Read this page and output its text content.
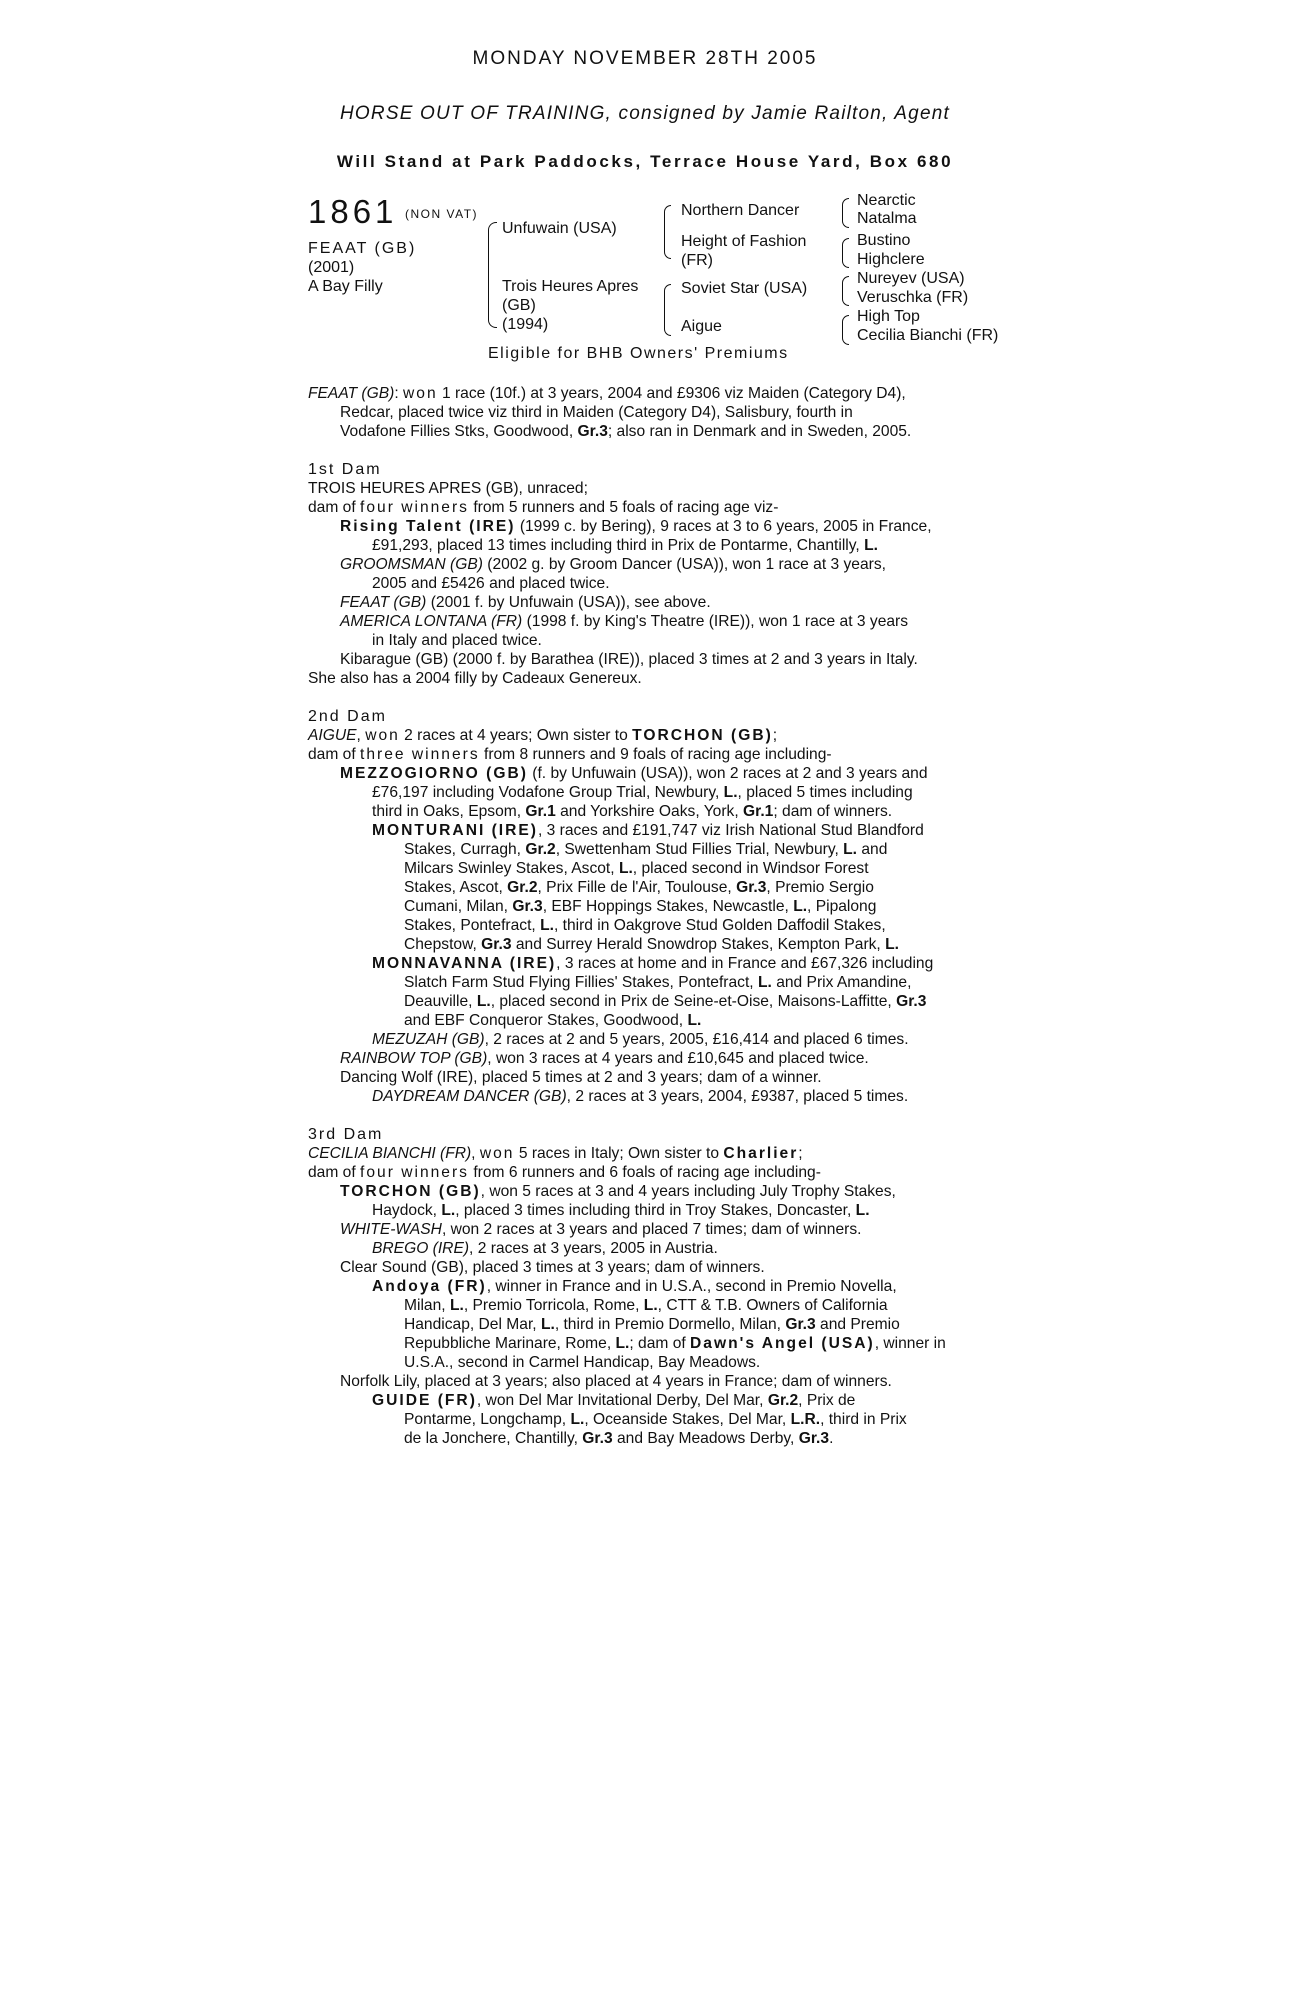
MONDAY NOVEMBER 28TH 2005
HORSE OUT OF TRAINING, consigned by Jamie Railton, Agent
Will Stand at Park Paddocks, Terrace House Yard, Box 680
1861 (NON VAT)
FEAAT (GB)
(2001)
A Bay Filly
Unfuwain (USA)
Trois Heures Apres
(GB)
(1994)
Northern Dancer
Height of Fashion
(FR)
Soviet Star (USA)
Aigue
Nearctic
Natalma
Bustino
Highclere
Nureyev (USA)
Veruschka (FR)
High Top
Cecilia Bianchi (FR)
Eligible for BHB Owners' Premiums
FEAAT (GB): won 1 race (10f.) at 3 years, 2004 and £9306 viz Maiden (Category D4),
Redcar, placed twice viz third in Maiden (Category D4), Salisbury, fourth in
Vodafone Fillies Stks, Goodwood, Gr.3; also ran in Denmark and in Sweden, 2005.
1st Dam
TROIS HEURES APRES (GB), unraced;
dam of four winners from 5 runners and 5 foals of racing age viz-
Rising Talent (IRE) (1999 c. by Bering), 9 races at 3 to 6 years, 2005 in France,
£91,293, placed 13 times including third in Prix de Pontarme, Chantilly, L.
GROOMSMAN (GB) (2002 g. by Groom Dancer (USA)), won 1 race at 3 years,
2005 and £5426 and placed twice.
FEAAT (GB) (2001 f. by Unfuwain (USA)), see above.
AMERICA LONTANA (FR) (1998 f. by King's Theatre (IRE)), won 1 race at 3 years
in Italy and placed twice.
Kibarague (GB) (2000 f. by Barathea (IRE)), placed 3 times at 2 and 3 years in Italy.
She also has a 2004 filly by Cadeaux Genereux.
2nd Dam
AIGUE, won 2 races at 4 years; Own sister to TORCHON (GB);
dam of three winners from 8 runners and 9 foals of racing age including-
MEZZOGIORNO (GB) (f. by Unfuwain (USA)), won 2 races at 2 and 3 years and
£76,197 including Vodafone Group Trial, Newbury, L., placed 5 times including
third in Oaks, Epsom, Gr.1 and Yorkshire Oaks, York, Gr.1; dam of winners.
MONTURANI (IRE), 3 races and £191,747 viz Irish National Stud Blandford
Stakes, Curragh, Gr.2, Swettenham Stud Fillies Trial, Newbury, L. and
Milcars Swinley Stakes, Ascot, L., placed second in Windsor Forest
Stakes, Ascot, Gr.2, Prix Fille de l'Air, Toulouse, Gr.3, Premio Sergio
Cumani, Milan, Gr.3, EBF Hoppings Stakes, Newcastle, L., Pipalong
Stakes, Pontefract, L., third in Oakgrove Stud Golden Daffodil Stakes,
Chepstow, Gr.3 and Surrey Herald Snowdrop Stakes, Kempton Park, L.
MONNAVANNA (IRE), 3 races at home and in France and £67,326 including
Slatch Farm Stud Flying Fillies' Stakes, Pontefract, L. and Prix Amandine,
Deauville, L., placed second in Prix de Seine-et-Oise, Maisons-Laffitte, Gr.3
and EBF Conqueror Stakes, Goodwood, L.
MEZUZAH (GB), 2 races at 2 and 5 years, 2005, £16,414 and placed 6 times.
RAINBOW TOP (GB), won 3 races at 4 years and £10,645 and placed twice.
Dancing Wolf (IRE), placed 5 times at 2 and 3 years; dam of a winner.
DAYDREAM DANCER (GB), 2 races at 3 years, 2004, £9387, placed 5 times.
3rd Dam
CECILIA BIANCHI (FR), won 5 races in Italy; Own sister to Charlier;
dam of four winners from 6 runners and 6 foals of racing age including-
TORCHON (GB), won 5 races at 3 and 4 years including July Trophy Stakes,
Haydock, L., placed 3 times including third in Troy Stakes, Doncaster, L.
WHITE-WASH, won 2 races at 3 years and placed 7 times; dam of winners.
BREGO (IRE), 2 races at 3 years, 2005 in Austria.
Clear Sound (GB), placed 3 times at 3 years; dam of winners.
Andoya (FR), winner in France and in U.S.A., second in Premio Novella,
Milan, L., Premio Torricola, Rome, L., CTT & T.B. Owners of California
Handicap, Del Mar, L., third in Premio Dormello, Milan, Gr.3 and Premio
Repubbliche Marinare, Rome, L.; dam of Dawn's Angel (USA), winner in
U.S.A., second in Carmel Handicap, Bay Meadows.
Norfolk Lily, placed at 3 years; also placed at 4 years in France; dam of winners.
GUIDE (FR), won Del Mar Invitational Derby, Del Mar, Gr.2, Prix de
Pontarme, Longchamp, L., Oceanside Stakes, Del Mar, L.R., third in Prix
de la Jonchere, Chantilly, Gr.3 and Bay Meadows Derby, Gr.3.
